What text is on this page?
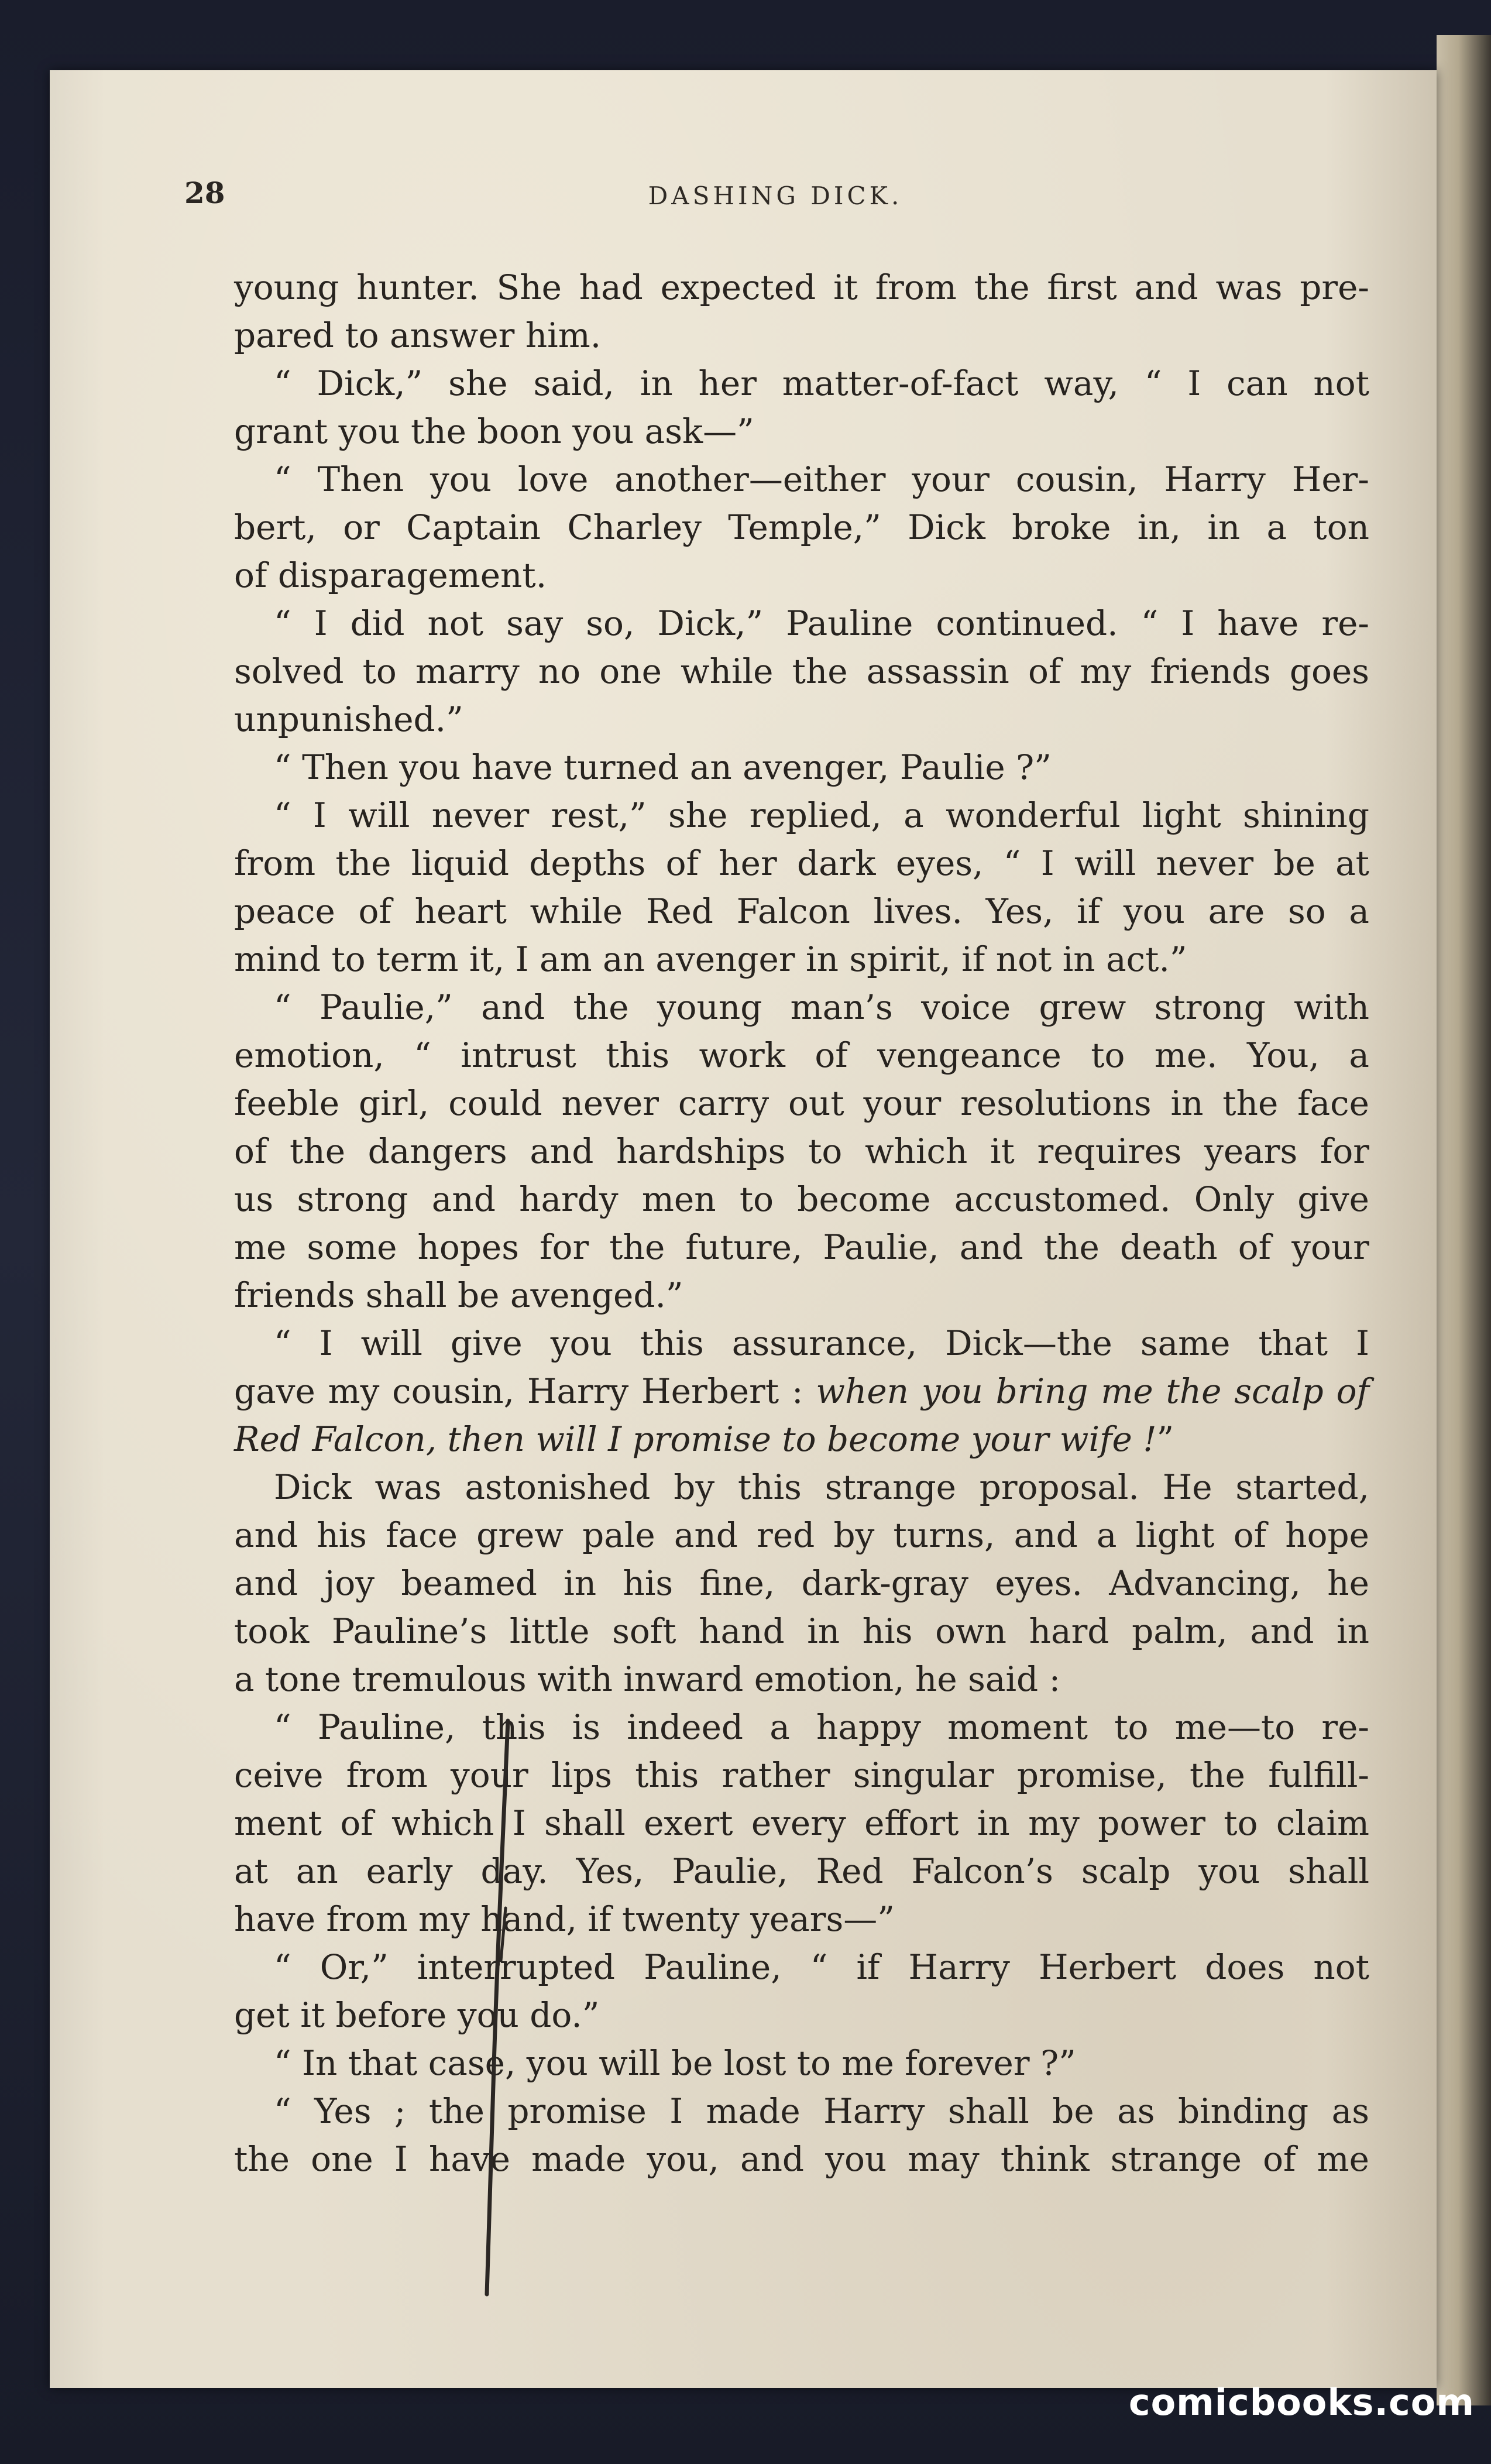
28	DASHING DICK.
young hunter. She had expected it from the first and was pre-
pared to answer him.
“ Dick,” she said, in her matter-of-fact way, “ I can not
grant you the boon you ask—”
“ Then you love another—either your cousin, Harry Her-
bert, or Captain Charley Temple,” Dick broke in, in a ton
of disparagement.
“ I did not say so, Dick,” Pauline continued. “ I have re-
solved to marry no one while the assassin of my friends goes
unpunished.”
“ Then you have turned an avenger, Paulie ?”
“ I will never rest,” she replied, a wonderful light shining
from the liquid depths of her dark eyes, “ I will never be at
peace of heart while Red Falcon lives. Yes, if you are so a
mind to term it, I am an avenger in spirit, if not in act.”
“ Paulie,” and the young man’s voice grew strong with
emotion, “ intrust this work of vengeance to me. You, a
feeble girl, could never carry out your resolutions in the face
of the dangers and hardships to which it requires years for
us strong and hardy men to become accustomed. Only give
me some hopes for the future, Paulie, and the death of your
friends shall be avenged.”
“ I will give you this assurance, Dick—the same that I
gave my cousin, Harry Herbert : when you bring me the scalp of
Red Falcon, then will I promise to become your wife !”
Dick was astonished by this strange proposal. He started,
and his face grew pale and red by turns, and a light of hope
and joy beamed in his fine, dark-gray eyes. Advancing, he
took Pauline’s little soft hand in his own hard palm, and in
a tone tremulous with inward emotion, he said :
“ Pauline, this is indeed a happy moment to me—to re-
ceive from your lips this rather singular promise, the fulfill-
ment of which I shall exert every effort in my power to claim
at an early day. Yes, Paulie, Red Falcon’s scalp you shall
have from my hand, if twenty years—”
“ Or,” interrupted Pauline, “ if Harry Herbert does not
get it before you do.”
“ In that case, you will be lost to me forever ?”
“ Yes ; the promise I made Harry shall be as binding as
the one I have made you, and you may think strange of me
comicbooks.com
